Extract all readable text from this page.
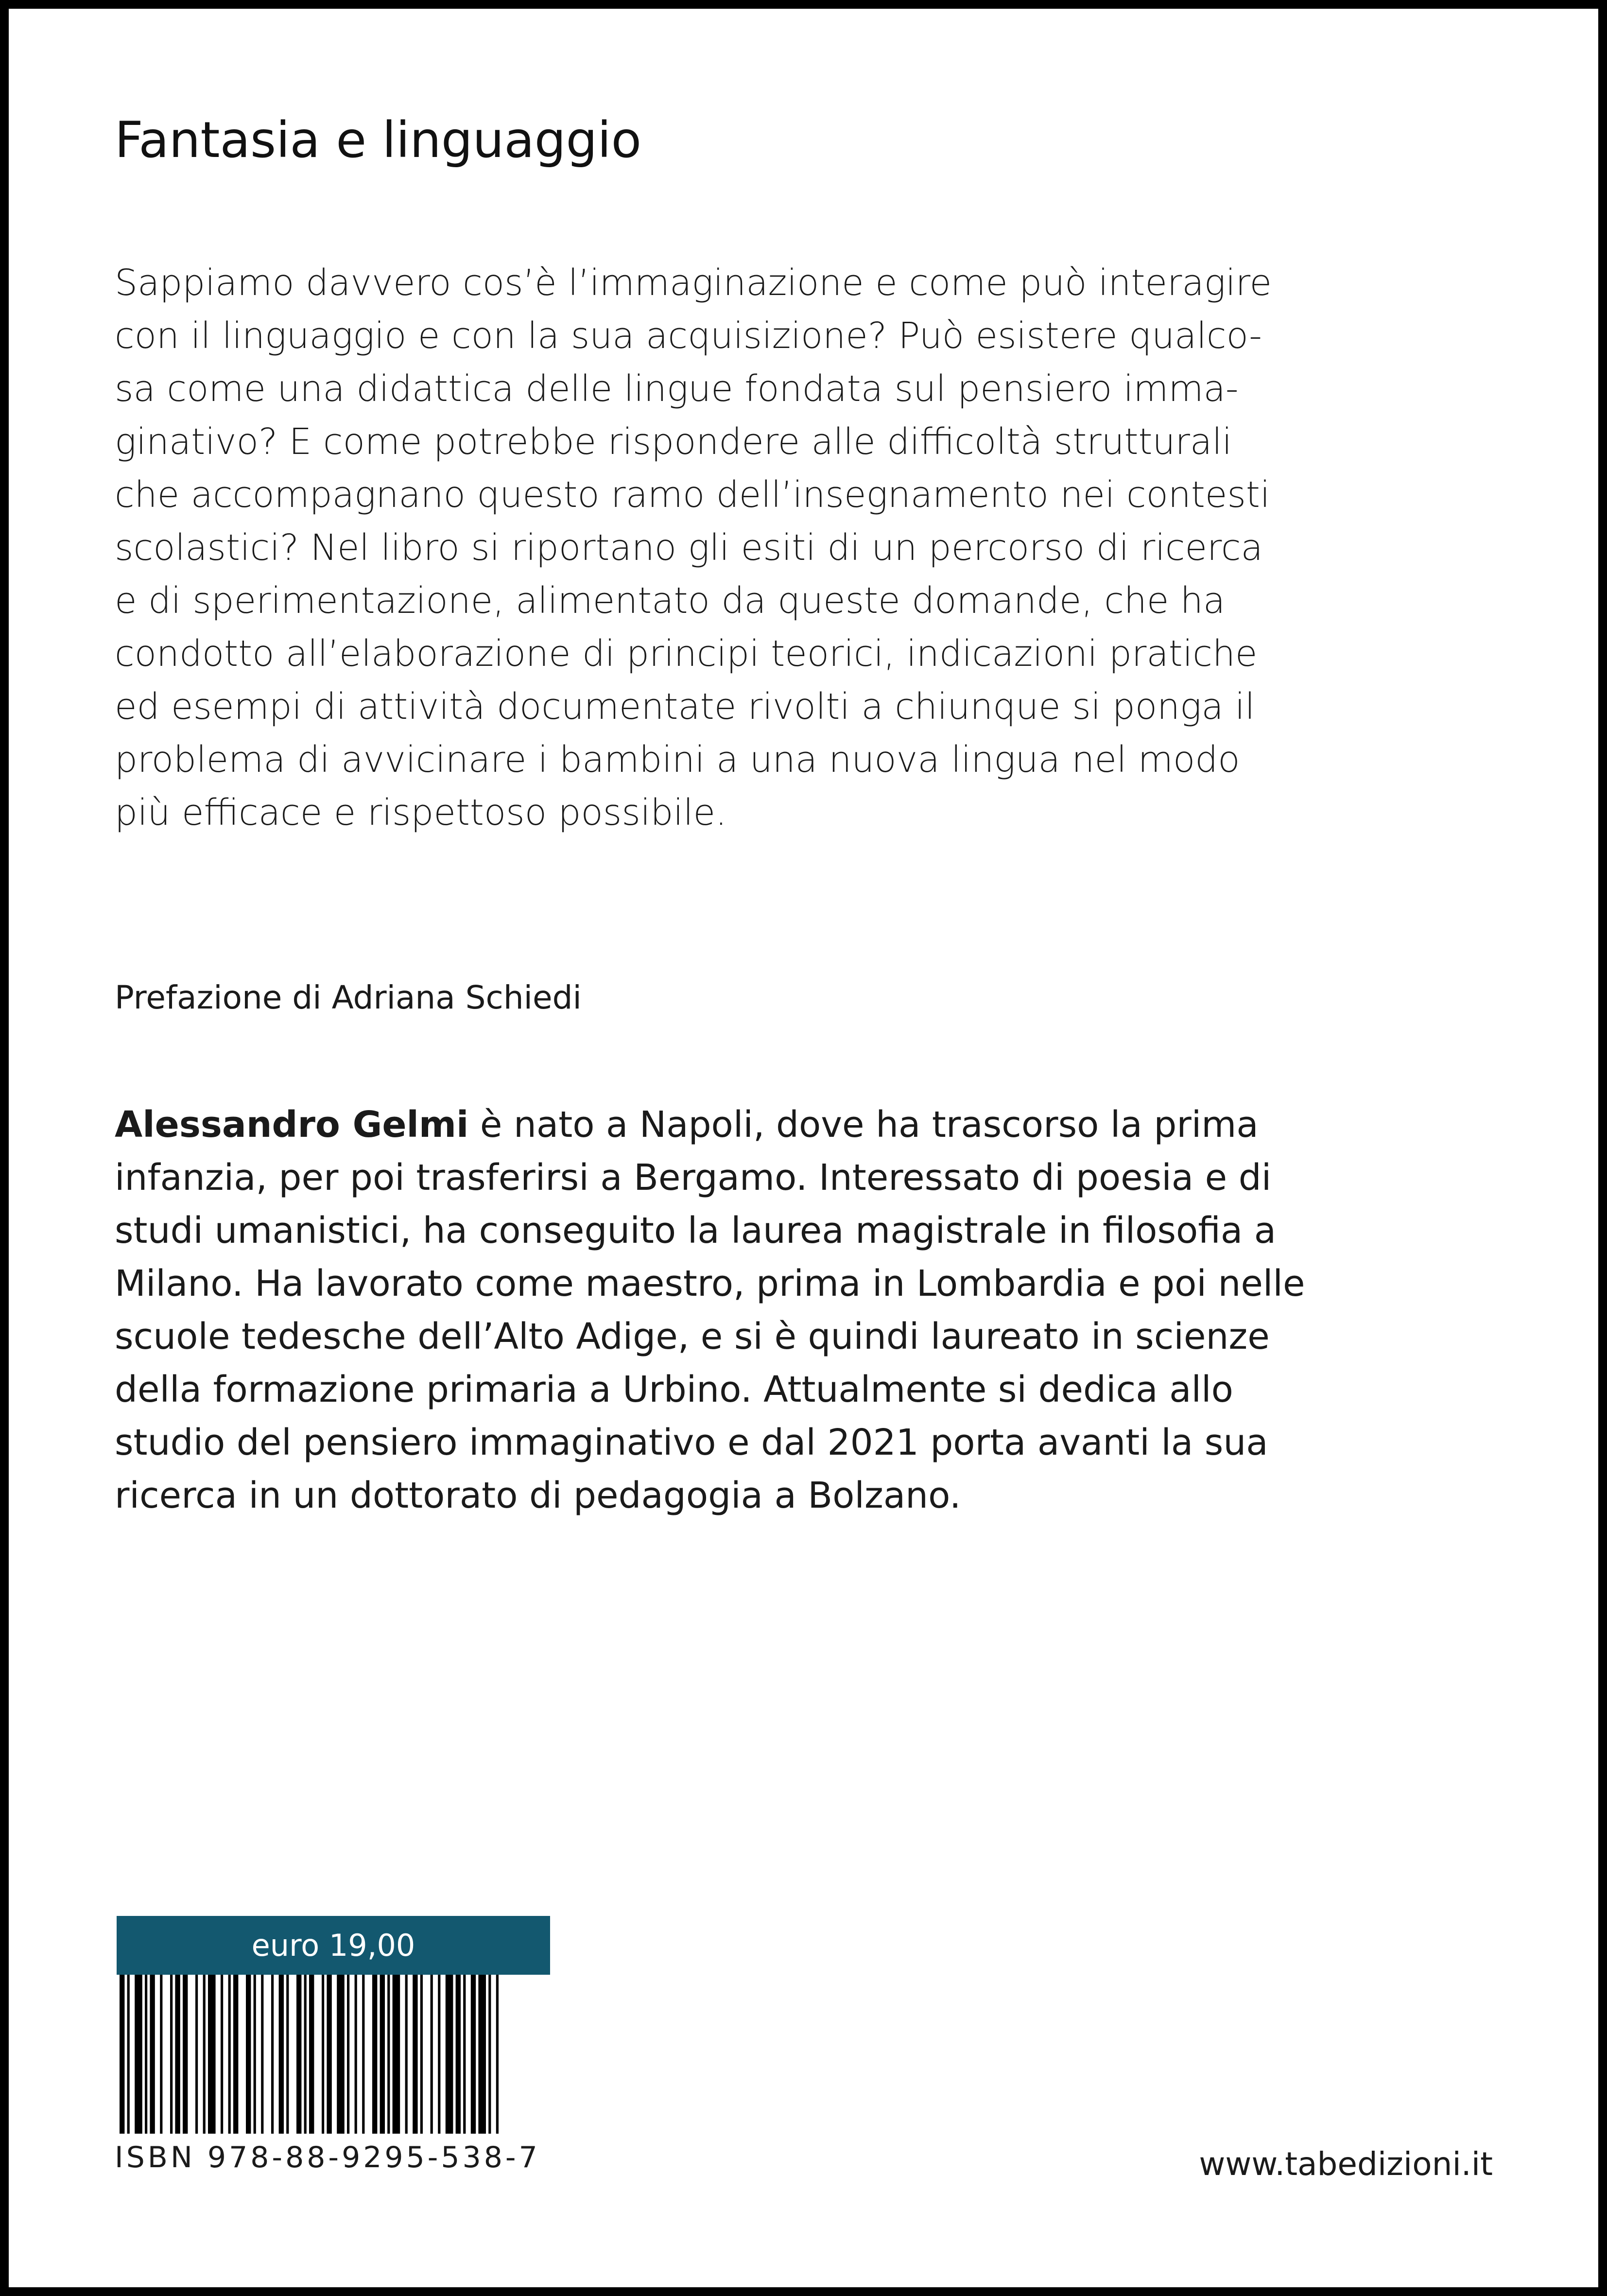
Fantasia e linguaggio

Sappiamo davvero cos’è l’immaginazione e come può interagire
con il linguaggio e con la sua acquisizione? Può esistere qualco-
sa come una didattica delle lingue fondata sul pensiero imma-
ginativo? E come potrebbe rispondere alle difficoltà strutturali
che accompagnano questo ramo dell’insegnamento nei contesti
scolastici? Nel libro si riportano gli esiti di un percorso di ricerca
e di sperimentazione, alimentato da queste domande, che ha
condotto all’elaborazione di principi teorici, indicazioni pratiche
ed esempi di attività documentate rivolti a chiunque si ponga il
problema di avvicinare i bambini a una nuova lingua nel modo
più efficace e rispettoso possibile.

Prefazione di Adriana Schiedi

Alessandro Gelmi è nato a Napoli, dove ha trascorso la prima
infanzia, per poi trasferirsi a Bergamo. Interessato di poesia e di
studi umanistici, ha conseguito la laurea magistrale in filosofia a
Milano. Ha lavorato come maestro, prima in Lombardia e poi nelle
scuole tedesche dell’Alto Adige, e si è quindi laureato in scienze
della formazione primaria a Urbino. Attualmente si dedica allo
studio del pensiero immaginativo e dal 2021 porta avanti la sua
ricerca in un dottorato di pedagogia a Bolzano.

euro 19,00
ISBN 978-88-9295-538-7	www.tabedizioni.it
